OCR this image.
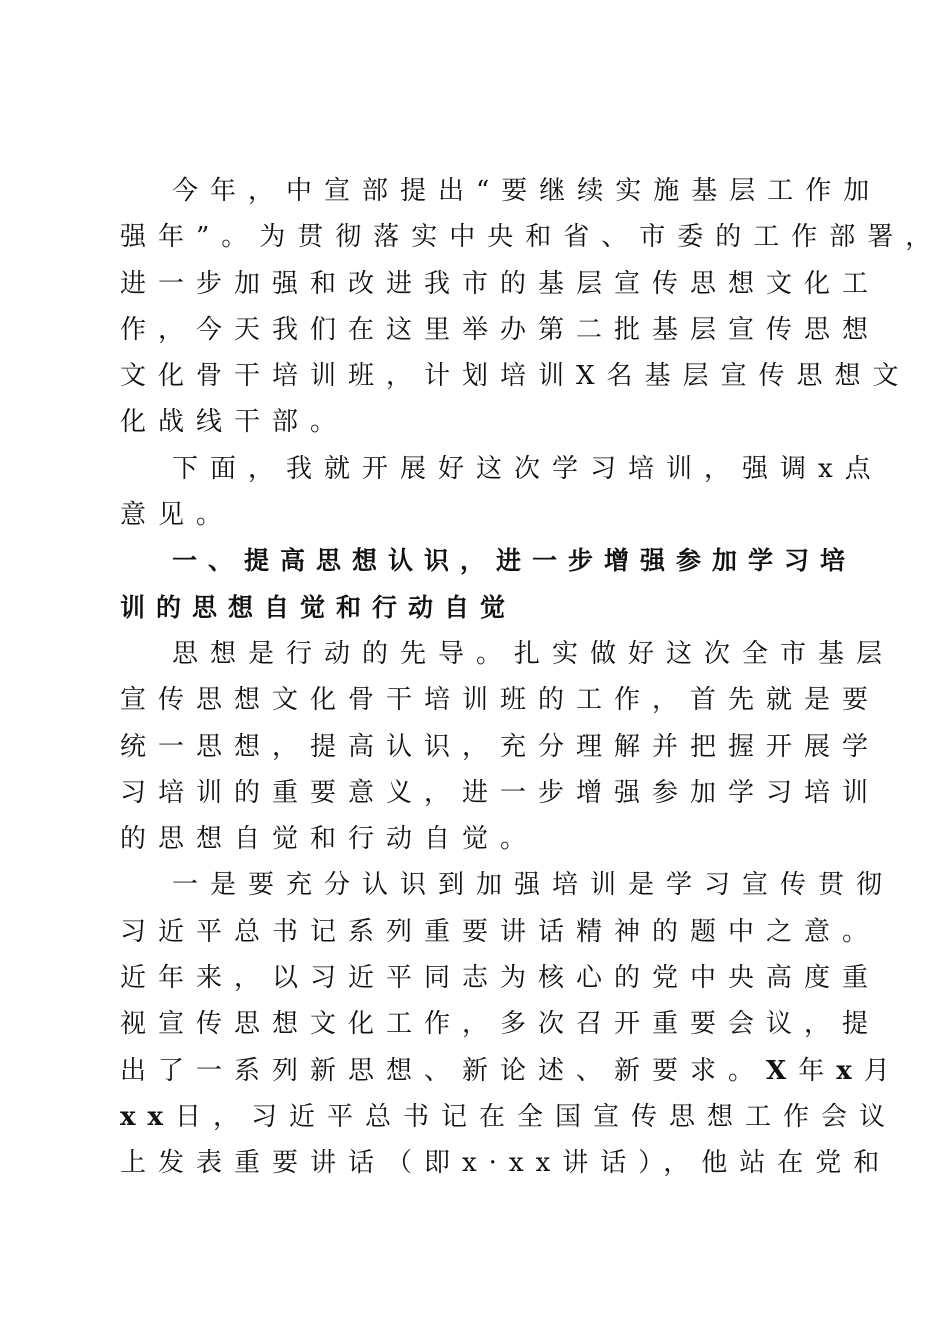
今年，中宣部提出“要继续实施基层工作加
强年”。为贯彻落实中央和省、市委的工作部署，
进一步加强和改进我市的基层宣传思想文化工
作，今天我们在这里举办第二批基层宣传思想
文化骨干培训班，计划培训X名基层宣传思想文
化战线干部。
下面，我就开展好这次学习培训，强调x点
意见。
一、提高思想认识，进一步增强参加学习培
训的思想自觉和行动自觉
思想是行动的先导。扎实做好这次全市基层
宣传思想文化骨干培训班的工作，首先就是要
统一思想，提高认识，充分理解并把握开展学
习培训的重要意义，进一步增强参加学习培训
的思想自觉和行动自觉。
一是要充分认识到加强培训是学习宣传贯彻
习近平总书记系列重要讲话精神的题中之意。
近年来，以习近平同志为核心的党中央高度重
视宣传思想文化工作，多次召开重要会议，提
出了一系列新思想、新论述、新要求。X年x月
xx日，习近平总书记在全国宣传思想工作会议
上发表重要讲话（即x·xx讲话），他站在党和
